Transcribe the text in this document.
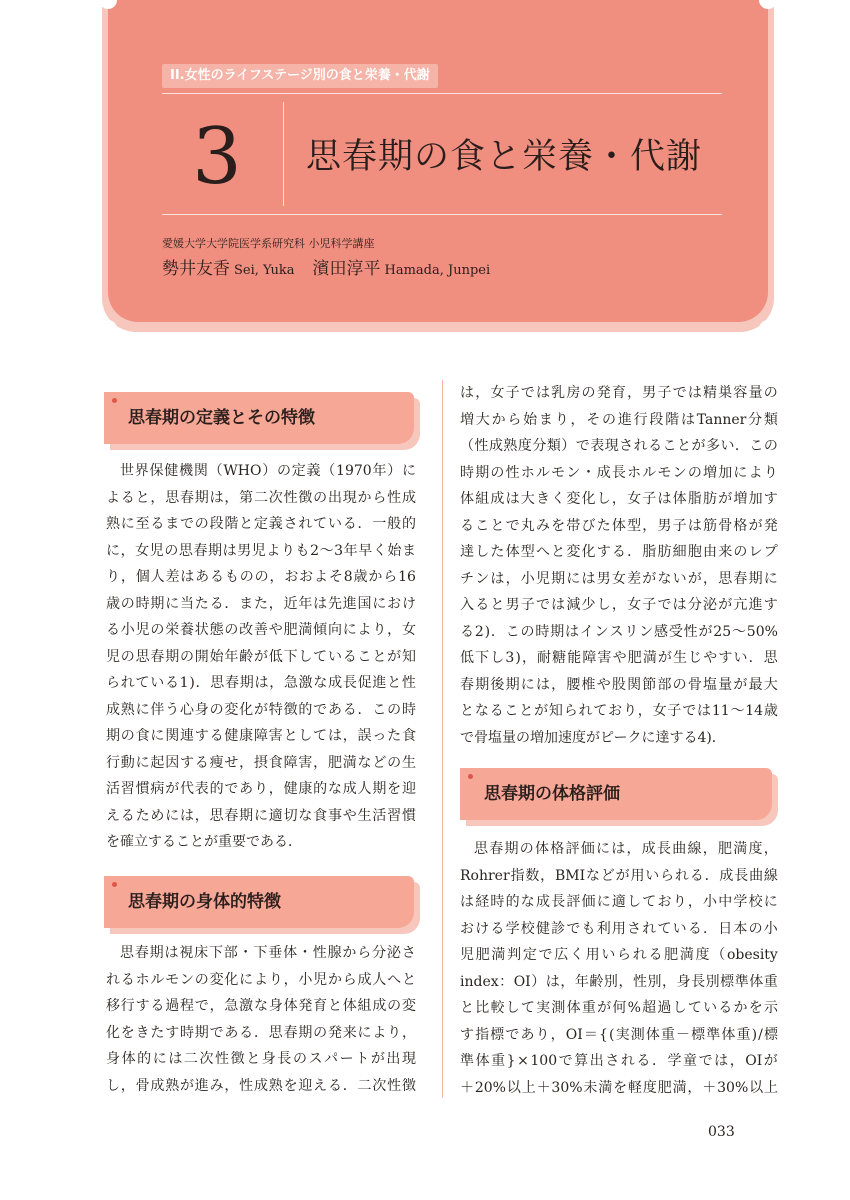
II.女性のライフステージ別の食と栄養・代謝
3	思春期の食と栄養・代謝
愛媛大学大学院医学系研究科 小児科学講座
勢井友香 Sei, Yuka 濱田淳平 Hamada, Junpei
思春期の定義とその特徴
世 界 保 健 機 関 （ WHO ） の 定 義 （ 1970 年 ） に
よ る と ， 思 春 期 は ， 第 二 次 性 徴 の 出 現 か ら 性 成
熟 に 至 る ま で の 段 階 と 定 義 さ れ て い る ． 一 般 的
に ， 女 児 の 思 春 期 は 男 児 よ り も 2 〜 3 年 早 く 始 ま
り ， 個 人 差 は あ る も の の ， お お よ そ 8 歳 か ら 16
歳 の 時 期 に 当 た る ． ま た ， 近 年 は 先 進 国 に お け
る 小 児 の 栄 養 状 態 の 改 善 や 肥 満 傾 向 に よ り ， 女
児 の 思 春 期 の 開 始 年 齢 が 低 下 し て い る こ と が 知
ら れ て い る 1 ) ． 思 春 期 は ， 急 激 な 成 長 促 進 と 性
成 熟 に 伴 う 心 身 の 変 化 が 特 徴 的 で あ る ． こ の 時
期 の 食 に 関 連 す る 健 康 障 害 と し て は ， 誤 っ た 食
行 動 に 起 因 す る 痩 せ ， 摂 食 障 害 ， 肥 満 な ど の 生
活 習 慣 病 が 代 表 的 で あ り ， 健 康 的 な 成 人 期 を 迎
え る た め に は ， 思 春 期 に 適 切 な 食 事 や 生 活 習 慣
を確立することが重要である．
思春期の身体的特徴
思 春 期 は 視 床 下 部 ・ 下 垂 体 ・ 性 腺 か ら 分 泌 さ
れ る ホ ル モ ン の 変 化 に よ り ， 小 児 か ら 成 人 へ と
移 行 す る 過 程 で ， 急 激 な 身 体 発 育 と 体 組 成 の 変
化 を き た す 時 期 で あ る ． 思 春 期 の 発 来 に よ り ，
身 体 的 に は 二 次 性 徴 と 身 長 の ス パ ー ト が 出 現
し ， 骨 成 熟 が 進 み ， 性 成 熟 を 迎 え る ． 二 次 性 徴
は ， 女 子 で は 乳 房 の 発 育 ， 男 子 で は 精 巣 容 量 の
増 大 か ら 始 ま り ， そ の 進 行 段 階 は Tanner 分 類
（ 性 成 熟 度 分 類 ） で 表 現 さ れ る こ と が 多 い ． こ の
時 期 の 性 ホ ル モ ン ・ 成 長 ホ ル モ ン の 増 加 に よ り
体 組 成 は 大 き く 変 化 し ， 女 子 は 体 脂 肪 が 増 加 す
る こ と で 丸 み を 帯 び た 体 型 ， 男 子 は 筋 骨 格 が 発
達 し た 体 型 へ と 変 化 す る ． 脂 肪 細 胞 由 来 の レ プ
チ ン は ， 小 児 期 に は 男 女 差 が な い が ， 思 春 期 に
入 る と 男 子 で は 減 少 し ， 女 子 で は 分 泌 が 亢 進 す
る 2 ) ． こ の 時 期 は イ ン ス リ ン 感 受 性 が 25 〜 50%
低 下 し 3 ) ， 耐 糖 能 障 害 や 肥 満 が 生 じ や す い ． 思
春 期 後 期 に は ， 腰 椎 や 股 関 節 部 の 骨 塩 量 が 最 大
と な る こ と が 知 ら れ て お り ， 女 子 で は 11 〜 14 歳
で骨塩量の増加速度がピークに達する4)．
思春期の体格評価
思 春 期 の 体 格 評 価 に は ， 成 長 曲 線 ， 肥 満 度 ，
Rohrer 指 数 ， BMI な ど が 用 い ら れ る ． 成 長 曲 線
は 経 時 的 な 成 長 評 価 に 適 し て お り ， 小 中 学 校 に
お け る 学 校 健 診 で も 利 用 さ れ て い る ． 日 本 の 小
児 肥 満 判 定 で 広 く 用 い ら れ る 肥 満 度 （ obesity
index ： OI ） は ， 年 齢 別 ， 性 別 ， 身 長 別 標 準 体 重
と 比 較 し て 実 測 体 重 が 何 % 超 過 し て い る か を 示
す 指 標 で あ り ， OI ＝ { ( 実 測 体 重 － 標 準 体 重 ) / 標
準 体 重 } × 100 で 算 出 さ れ る ． 学 童 で は ， OI が
＋ 20% 以 上 ＋ 30% 未 満 を 軽 度 肥 満 ， ＋ 30% 以 上
033
